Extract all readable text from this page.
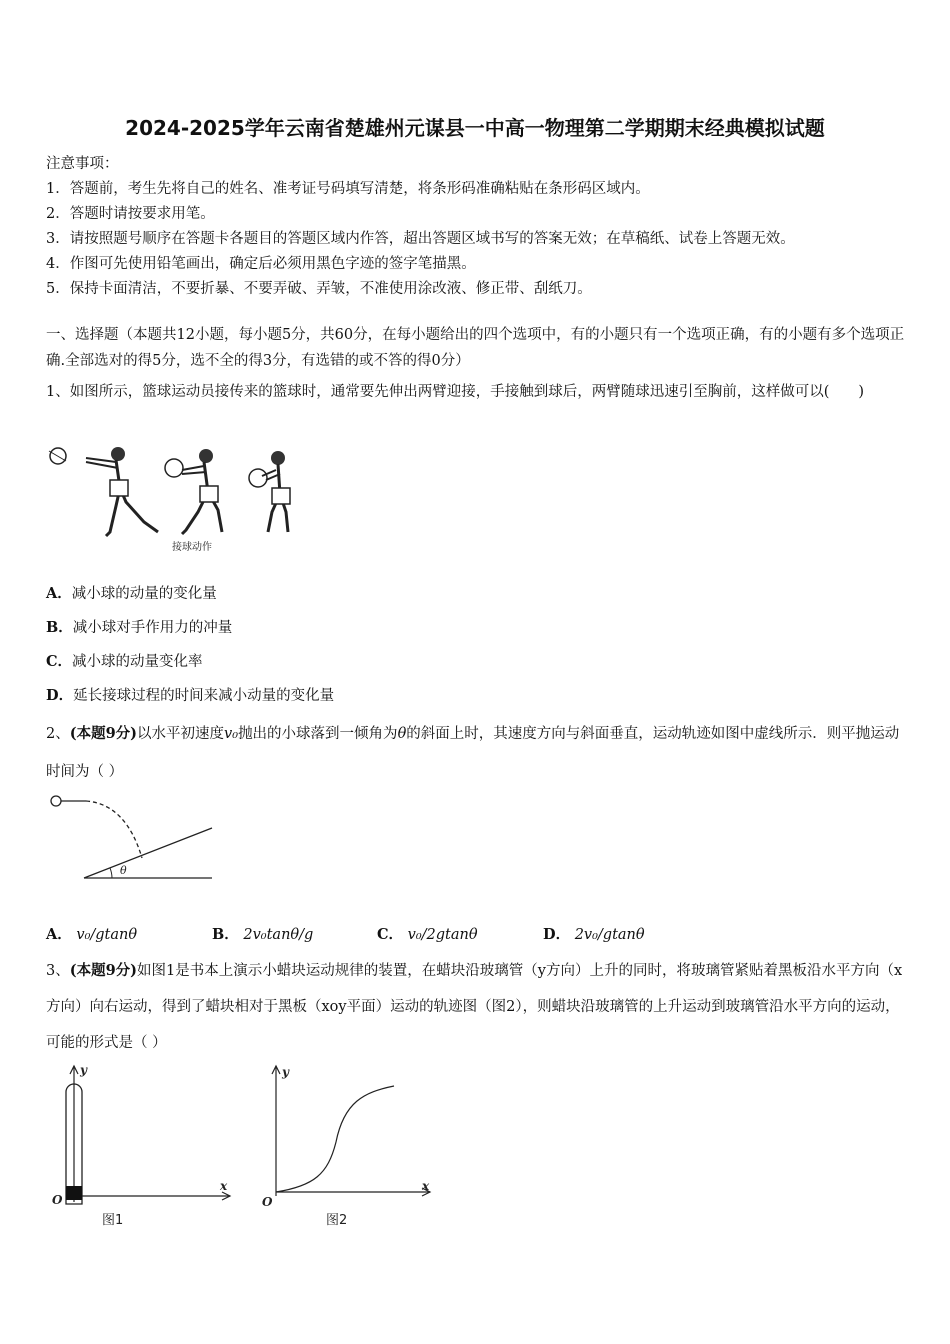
2024-2025学年云南省楚雄州元谋县一中高一物理第二学期期末经典模拟试题
注意事项：
1．答题前，考生先将自己的姓名、准考证号码填写清楚，将条形码准确粘贴在条形码区域内。
2．答题时请按要求用笔。
3．请按照题号顺序在答题卡各题目的答题区域内作答，超出答题区域书写的答案无效；在草稿纸、试卷上答题无效。
4．作图可先使用铅笔画出，确定后必须用黑色字迹的签字笔描黑。
5．保持卡面清洁，不要折暴、不要弄破、弄皱，不准使用涂改液、修正带、刮纸刀。
一、选择题（本题共12小题，每小题5分，共60分，在每小题给出的四个选项中，有的小题只有一个选项正确，有的小题有多个选项正确.全部选对的得5分，选不全的得3分，有选错的或不答的得0分）
1、如图所示，篮球运动员接传来的篮球时，通常要先伸出两臂迎接，手接触到球后，两臂随球迅速引至胸前，这样做可以(　　)
接球动作
A．减小球的动量的变化量
B．减小球对手作用力的冲量
C．减小球的动量变化率
D．延长接球过程的时间来减小动量的变化量
2、(本题9分)以水平初速度v₀抛出的小球落到一倾角为θ的斜面上时，其速度方向与斜面垂直，运动轨迹如图中虚线所示．则平抛运动时间为（ ）
θ
A． v₀/gtanθ	B． 2v₀tanθ/g	C． v₀/2gtanθ	D． 2v₀/gtanθ
3、(本题9分)如图1是书本上演示小蜡块运动规律的装置，在蜡块沿玻璃管（y方向）上升的同时，将玻璃管紧贴着黑板沿水平方向（x方向）向右运动，得到了蜡块相对于黑板（xoy平面）运动的轨迹图（图2），则蜡块沿玻璃管的上升运动到玻璃管沿水平方向的运动，可能的形式是（ ）
y
x
O
图1
y
x
O
图2
